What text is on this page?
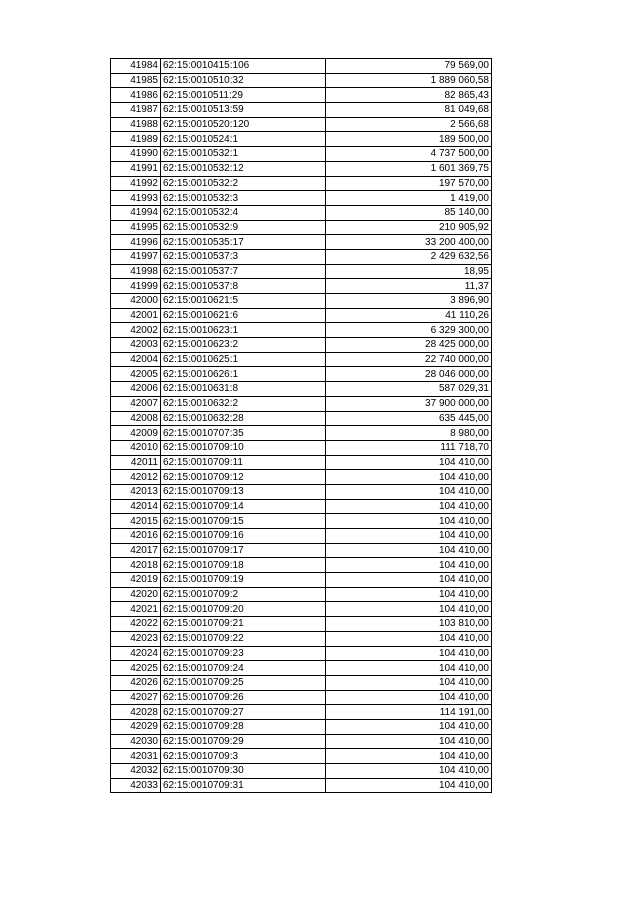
41984	62:15:0010415:106	79 569,00
41985	62:15:0010510:32	1 889 060,58
41986	62:15:0010511:29	82 865,43
41987	62:15:0010513:59	81 049,68
41988	62:15:0010520:120	2 566,68
41989	62:15:0010524:1	189 500,00
41990	62:15:0010532:1	4 737 500,00
41991	62:15:0010532:12	1 601 369,75
41992	62:15:0010532:2	197 570,00
41993	62:15:0010532:3	1 419,00
41994	62:15:0010532:4	85 140,00
41995	62:15:0010532:9	210 905,92
41996	62:15:0010535:17	33 200 400,00
41997	62:15:0010537:3	2 429 632,56
41998	62:15:0010537:7	18,95
41999	62:15:0010537:8	11,37
42000	62:15:0010621:5	3 896,90
42001	62:15:0010621:6	41 110,26
42002	62:15:0010623:1	6 329 300,00
42003	62:15:0010623:2	28 425 000,00
42004	62:15:0010625:1	22 740 000,00
42005	62:15:0010626:1	28 046 000,00
42006	62:15:0010631:8	587 029,31
42007	62:15:0010632:2	37 900 000,00
42008	62:15:0010632:28	635 445,00
42009	62:15:0010707:35	8 980,00
42010	62:15:0010709:10	111 718,70
42011	62:15:0010709:11	104 410,00
42012	62:15:0010709:12	104 410,00
42013	62:15:0010709:13	104 410,00
42014	62:15:0010709:14	104 410,00
42015	62:15:0010709:15	104 410,00
42016	62:15:0010709:16	104 410,00
42017	62:15:0010709:17	104 410,00
42018	62:15:0010709:18	104 410,00
42019	62:15:0010709:19	104 410,00
42020	62:15:0010709:2	104 410,00
42021	62:15:0010709:20	104 410,00
42022	62:15:0010709:21	103 810,00
42023	62:15:0010709:22	104 410,00
42024	62:15:0010709:23	104 410,00
42025	62:15:0010709:24	104 410,00
42026	62:15:0010709:25	104 410,00
42027	62:15:0010709:26	104 410,00
42028	62:15:0010709:27	114 191,00
42029	62:15:0010709:28	104 410,00
42030	62:15:0010709:29	104 410,00
42031	62:15:0010709:3	104 410,00
42032	62:15:0010709:30	104 410,00
42033	62:15:0010709:31	104 410,00
